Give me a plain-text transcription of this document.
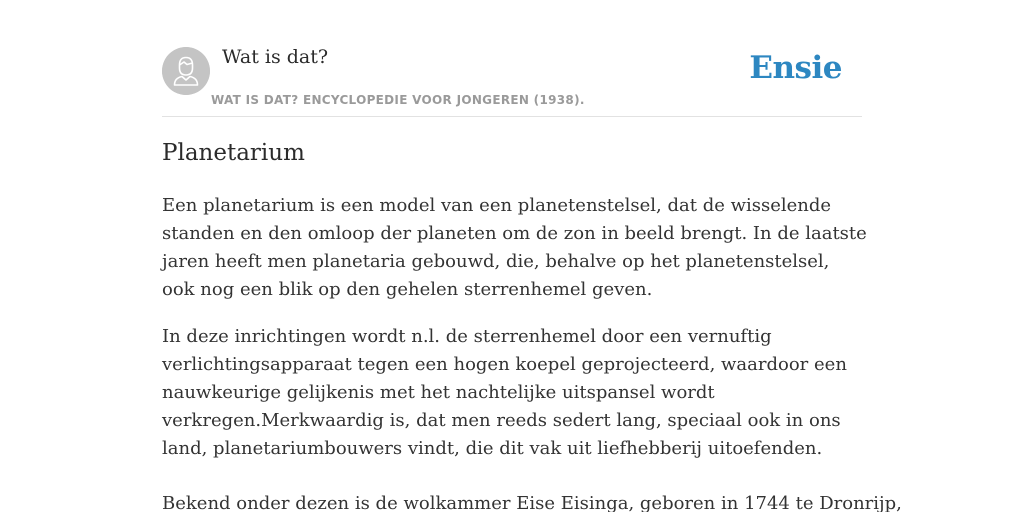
Wat is dat?
WAT IS DAT? ENCYCLOPEDIE VOOR JONGEREN (1938).
Ensie
Planetarium

Een planetarium is een model van een planetenstelsel, dat de wisselende standen en den omloop der planeten om de zon in beeld brengt. In de laatste jaren heeft men planetaria gebouwd, die, behalve op het planetenstelsel, ook nog een blik op den gehelen sterrenhemel geven.

In deze inrichtingen wordt n.l. de sterrenhemel door een vernuftig verlichtingsapparaat tegen een hogen koepel geprojecteerd, waardoor een nauwkeurige gelijkenis met het nachtelijke uitspansel wordt verkregen.Merkwaardig is, dat men reeds sedert lang, speciaal ook in ons land, planetariumbouwers vindt, die dit vak uit liefhebberij uitoefenden.

Bekend onder dezen is de wolkammer Eise Eisinga, geboren in 1744 te Dronrijp,
